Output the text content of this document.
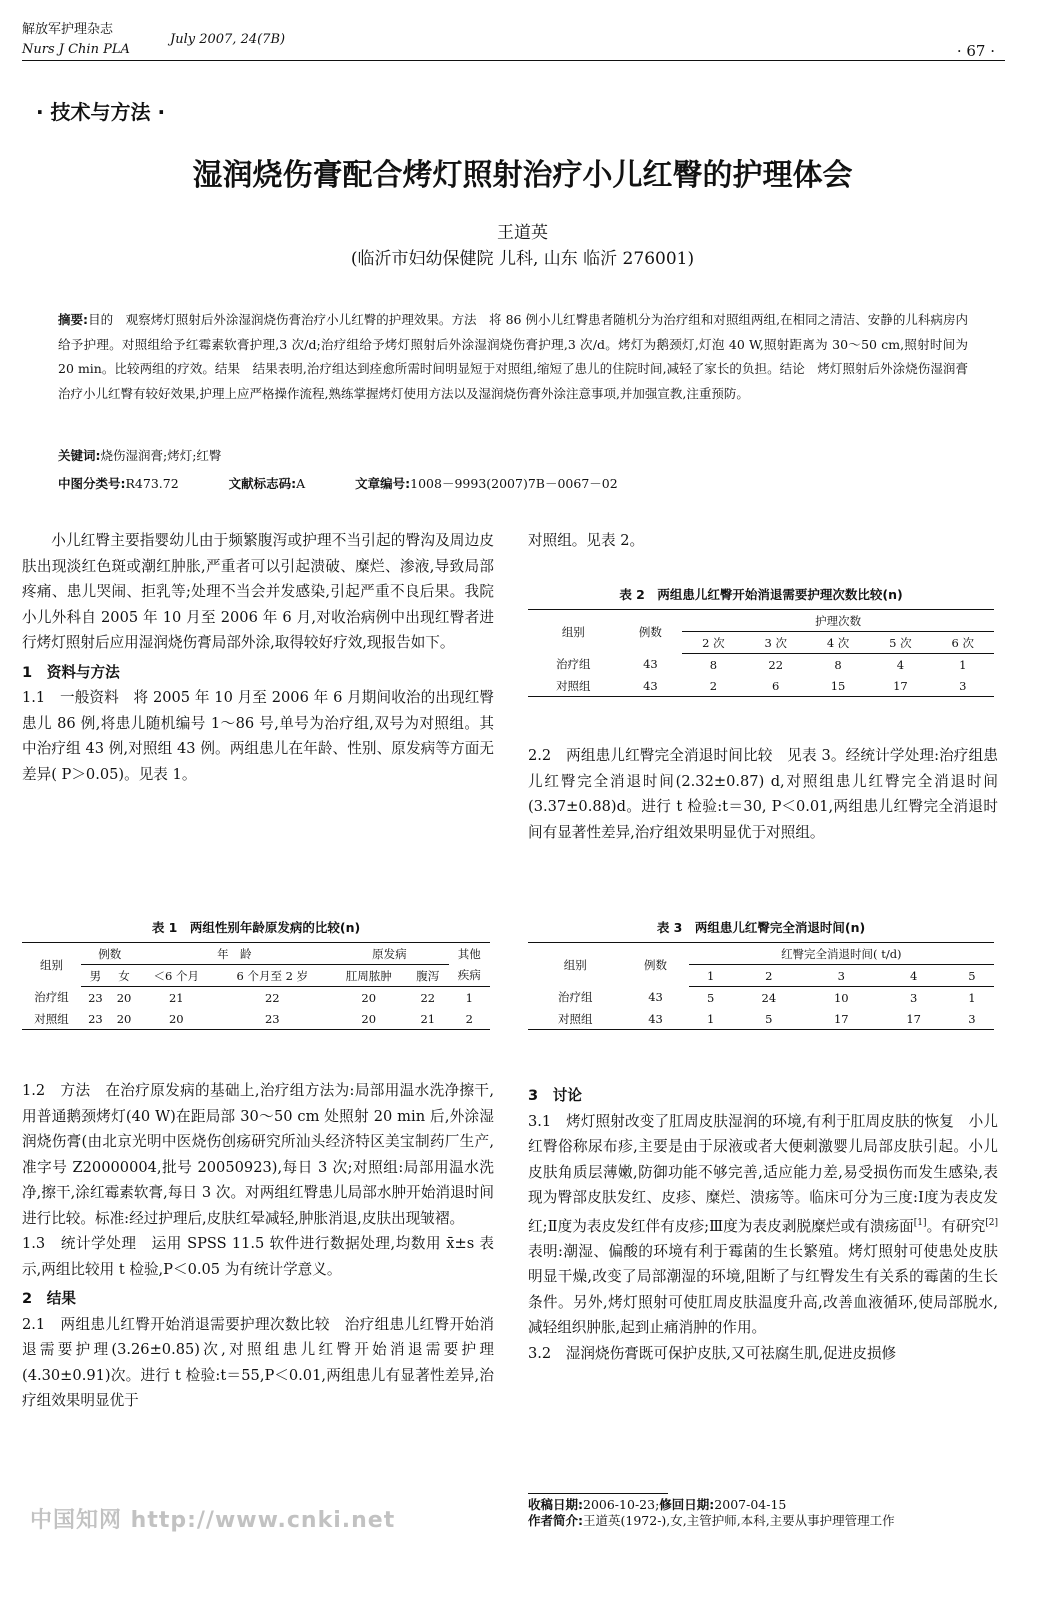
解放军护理杂志
Nurs J Chin PLA
July 2007, 24(7B)
· 67 ·
· 技术与方法 ·
湿润烧伤膏配合烤灯照射治疗小儿红臀的护理体会
王道英
(临沂市妇幼保健院 儿科, 山东 临沂 276001)
摘要:目的　观察烤灯照射后外涂湿润烧伤膏治疗小儿红臀的护理效果。方法　将 86 例小儿红臀患者随机分为治疗组和对照组两组,在相同之清洁、安静的儿科病房内给予护理。对照组给予红霉素软膏护理,3 次/d;治疗组给予烤灯照射后外涂湿润烧伤膏护理,3 次/d。烤灯为鹅颈灯,灯泡 40 W,照射距离为 30～50 cm,照射时间为 20 min。比较两组的疗效。结果　结果表明,治疗组达到痊愈所需时间明显短于对照组,缩短了患儿的住院时间,减轻了家长的负担。结论　烤灯照射后外涂烧伤湿润膏治疗小儿红臀有较好效果,护理上应严格操作流程,熟练掌握烤灯使用方法以及湿润烧伤膏外涂注意事项,并加强宣教,注重预防。
关键词:烧伤湿润膏;烤灯;红臀
中图分类号:R473.72	文献标志码:A	文章编号:1008－9993(2007)7B－0067－02

小儿红臀主要指婴幼儿由于频繁腹泻或护理不当引起的臀沟及周边皮肤出现淡红色斑或潮红肿胀,严重者可以引起溃破、糜烂、渗液,导致局部疼痛、患儿哭闹、拒乳等;处理不当会并发感染,引起严重不良后果。我院小儿外科自 2005 年 10 月至 2006 年 6 月,对收治病例中出现红臀者进行烤灯照射后应用湿润烧伤膏局部外涂,取得较好疗效,现报告如下。

1　资料与方法

1.1　一般资料　将 2005 年 10 月至 2006 年 6 月期间收治的出现红臀患儿 86 例,将患儿随机编号 1～86 号,单号为治疗组,双号为对照组。其中治疗组 43 例,对照组 43 例。两组患儿在年龄、性别、原发病等方面无差异( P＞0.05)。见表 1。

表 1　两组性别年龄原发病的比较(n)
组别	例数		年　龄		原发病		其他
	男	女	＜6 个月	6 个月至 2 岁	肛周脓肿	腹泻	疾病
治疗组	23	20	21	22	20	22	1
对照组	23	20	20	23	20	21	2

1.2　方法　在治疗原发病的基础上,治疗组方法为:局部用温水洗净擦干,用普通鹅颈烤灯(40 W)在距局部 30～50 cm 处照射 20 min 后,外涂湿润烧伤膏(由北京光明中医烧伤创疡研究所汕头经济特区美宝制药厂生产,准字号 Z20000004,批号 20050923),每日 3 次;对照组:局部用温水洗净,擦干,涂红霉素软膏,每日 3 次。对两组红臀患儿局部水肿开始消退时间进行比较。标准:经过护理后,皮肤红晕减轻,肿胀消退,皮肤出现皱褶。

1.3　统计学处理　运用 SPSS 11.5 软件进行数据处理,均数用 x̄±s 表示,两组比较用 t 检验,P＜0.05 为有统计学意义。

2　结果

2.1　两组患儿红臀开始消退需要护理次数比较　治疗组患儿红臀开始消退需要护理(3.26±0.85)次,对照组患儿红臀开始消退需要护理(4.30±0.91)次。进行 t 检验:t＝55,P＜0.01,两组患儿有显著性差异,治疗组效果明显优于

对照组。见表 2。

表 2　两组患儿红臀开始消退需要护理次数比较(n)
组别	例数	护理次数				
		2 次	3 次	4 次	5 次	6 次
治疗组	43	8	22	8	4	1
对照组	43	2	6	15	17	3

2.2　两组患儿红臀完全消退时间比较　见表 3。经统计学处理:治疗组患儿红臀完全消退时间(2.32±0.87) d,对照组患儿红臀完全消退时间(3.37±0.88)d。进行 t 检验:t＝30, P＜0.01,两组患儿红臀完全消退时间有显著性差异,治疗组效果明显优于对照组。

表 3　两组患儿红臀完全消退时间(n)
组别	例数	红臀完全消退时间( t/d)				
		1	2	3	4	5
治疗组	43	5	24	10	3	1
对照组	43	1	5	17	17	3

3　讨论

3.1　烤灯照射改变了肛周皮肤湿润的环境,有利于肛周皮肤的恢复　小儿红臀俗称尿布疹,主要是由于尿液或者大便刺激婴儿局部皮肤引起。小儿皮肤角质层薄嫩,防御功能不够完善,适应能力差,易受损伤而发生感染,表现为臀部皮肤发红、皮疹、糜烂、溃疡等。临床可分为三度:Ⅰ度为表皮发红;Ⅱ度为表皮发红伴有皮疹;Ⅲ度为表皮剥脱糜烂或有溃疡面[1]。有研究[2]表明:潮湿、偏酸的环境有利于霉菌的生长繁殖。烤灯照射可使患处皮肤明显干燥,改变了局部潮湿的环境,阻断了与红臀发生有关系的霉菌的生长条件。另外,烤灯照射可使肛周皮肤温度升高,改善血液循环,使局部脱水,减轻组织肿胀,起到止痛消肿的作用。

3.2　湿润烧伤膏既可保护皮肤,又可祛腐生肌,促进皮损修

收稿日期:2006-10-23;修回日期:2007-04-15
作者简介:王道英(1972-),女,主管护师,本科,主要从事护理管理工作
中国知网 http://www.cnki.net
